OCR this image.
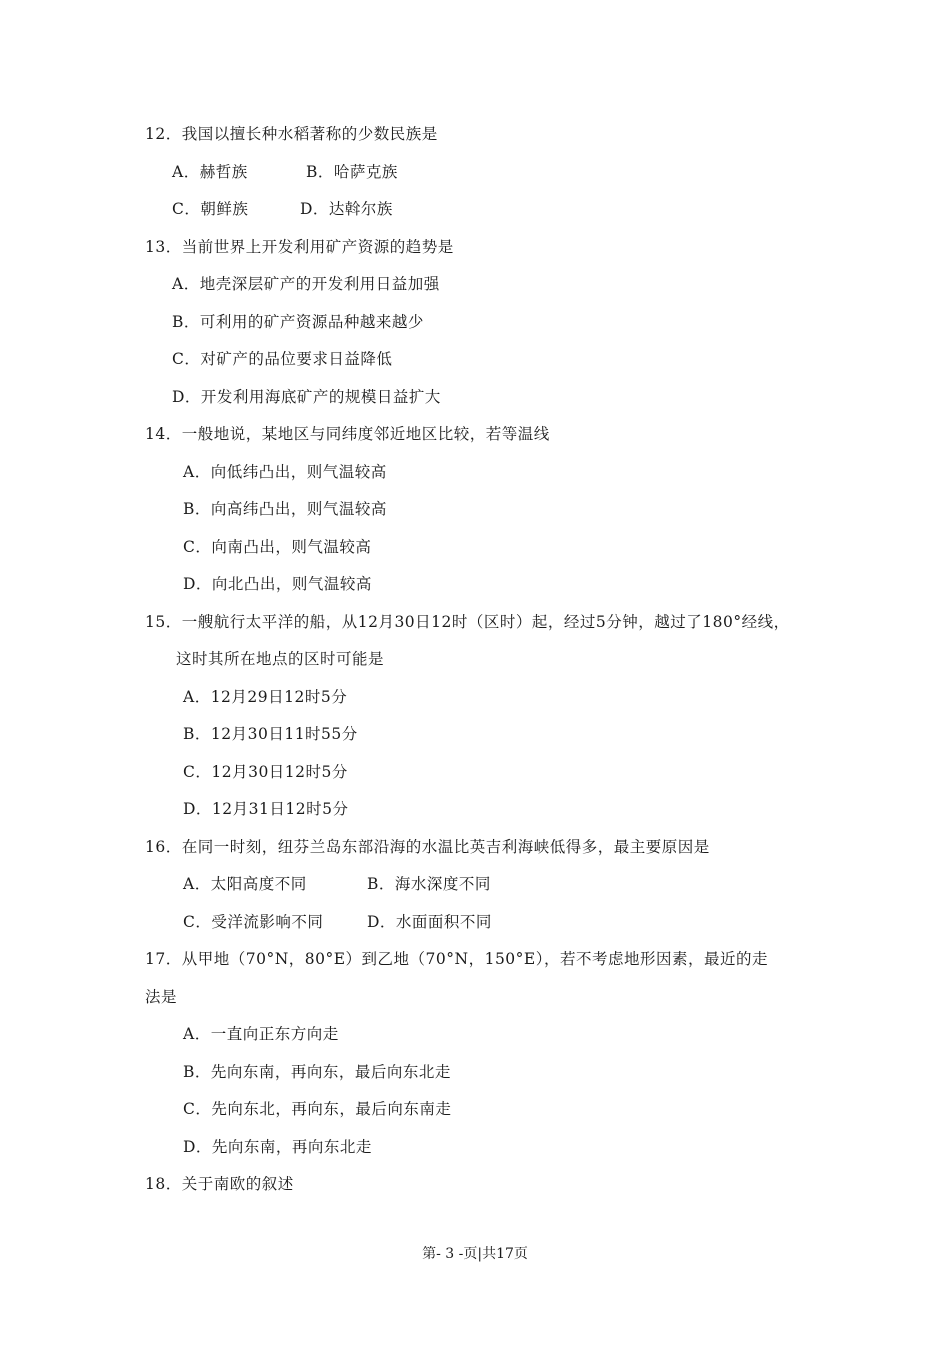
12．我国以擅长种水稻著称的少数民族是
A．赫哲族	B．哈萨克族
C．朝鲜族	D．达斡尔族
13．当前世界上开发利用矿产资源的趋势是
A．地壳深层矿产的开发利用日益加强
B．可利用的矿产资源品种越来越少
C．对矿产的品位要求日益降低
D．开发利用海底矿产的规模日益扩大
14．一般地说，某地区与同纬度邻近地区比较，若等温线
A．向低纬凸出，则气温较高
B．向高纬凸出，则气温较高
C．向南凸出，则气温较高
D．向北凸出，则气温较高
15．一艘航行太平洋的船，从12月30日12时（区时）起，经过5分钟，越过了180°经线，
这时其所在地点的区时可能是
A．12月29日12时5分
B．12月30日11时55分
C．12月30日12时5分
D．12月31日12时5分
16．在同一时刻，纽芬兰岛东部沿海的水温比英吉利海峡低得多，最主要原因是
A．太阳高度不同	B．海水深度不同
C．受洋流影响不同	D．水面面积不同
17．从甲地（70°N，80°E）到乙地（70°N，150°E），若不考虑地形因素，最近的走
法是
A．一直向正东方向走
B．先向东南，再向东，最后向东北走
C．先向东北，再向东，最后向东南走
D．先向东南，再向东北走
18．关于南欧的叙述
第- 3 -页|共17页
